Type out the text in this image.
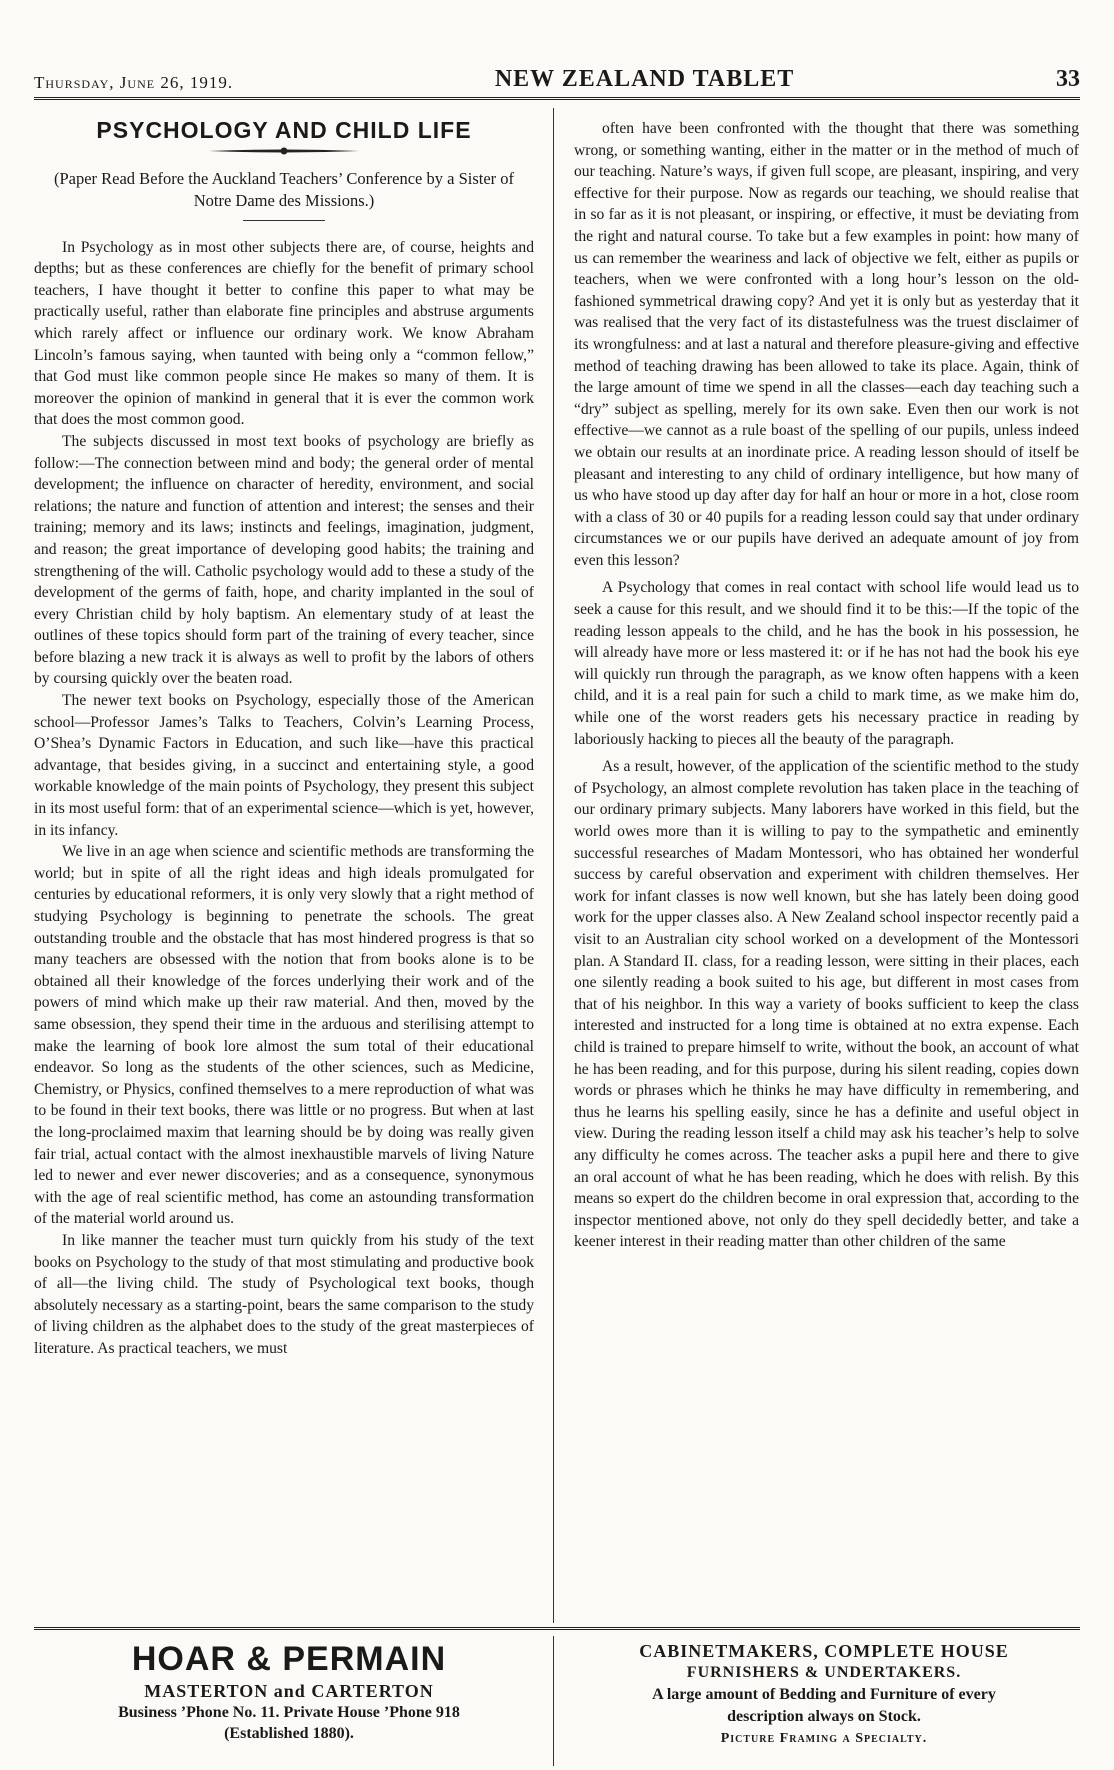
Thursday, June 26, 1919.	NEW ZEALAND TABLET	33
PSYCHOLOGY AND CHILD LIFE

(Paper Read Before the Auckland Teachers’ Conference by a Sister of Notre Dame des Missions.)

In Psychology as in most other subjects there are, of course, heights and depths; but as these conferences are chiefly for the benefit of primary school teachers, I have thought it better to confine this paper to what may be practically useful, rather than elaborate fine principles and abstruse arguments which rarely affect or influence our ordinary work. We know Abraham Lincoln’s famous saying, when taunted with being only a “common fellow,” that God must like common people since He makes so many of them. It is moreover the opinion of mankind in general that it is ever the common work that does the most common good.

The subjects discussed in most text books of psychology are briefly as follow:—The connection between mind and body; the general order of mental development; the influence on character of heredity, environment, and social relations; the nature and function of attention and interest; the senses and their training; memory and its laws; instincts and feelings, imagination, judgment, and reason; the great importance of developing good habits; the training and strengthening of the will. Catholic psychology would add to these a study of the development of the germs of faith, hope, and charity implanted in the soul of every Christian child by holy baptism. An elementary study of at least the outlines of these topics should form part of the training of every teacher, since before blazing a new track it is always as well to profit by the labors of others by coursing quickly over the beaten road.

The newer text books on Psychology, especially those of the American school—Professor James’s Talks to Teachers, Colvin’s Learning Process, O’Shea’s Dynamic Factors in Education, and such like—have this practical advantage, that besides giving, in a succinct and entertaining style, a good workable knowledge of the main points of Psychology, they present this subject in its most useful form: that of an experimental science—which is yet, however, in its infancy.

We live in an age when science and scientific methods are transforming the world; but in spite of all the right ideas and high ideals promulgated for centuries by educational reformers, it is only very slowly that a right method of studying Psychology is beginning to penetrate the schools. The great outstanding trouble and the obstacle that has most hindered progress is that so many teachers are obsessed with the notion that from books alone is to be obtained all their knowledge of the forces underlying their work and of the powers of mind which make up their raw material. And then, moved by the same obsession, they spend their time in the arduous and sterilising attempt to make the learning of book lore almost the sum total of their educational endeavor. So long as the students of the other sciences, such as Medicine, Chemistry, or Physics, confined themselves to a mere reproduction of what was to be found in their text books, there was little or no progress. But when at last the long-proclaimed maxim that learning should be by doing was really given fair trial, actual contact with the almost inexhaustible marvels of living Nature led to newer and ever newer discoveries; and as a consequence, synonymous with the age of real scientific method, has come an astounding transformation of the material world around us.

In like manner the teacher must turn quickly from his study of the text books on Psychology to the study of that most stimulating and productive book of all—the living child. The study of Psychological text books, though absolutely necessary as a starting-point, bears the same comparison to the study of living children as the alphabet does to the study of the great masterpieces of literature. As practical teachers, we must

often have been confronted with the thought that there was something wrong, or something wanting, either in the matter or in the method of much of our teaching. Nature’s ways, if given full scope, are pleasant, inspiring, and very effective for their purpose. Now as regards our teaching, we should realise that in so far as it is not pleasant, or inspiring, or effective, it must be deviating from the right and natural course. To take but a few examples in point: how many of us can remember the weariness and lack of objective we felt, either as pupils or teachers, when we were confronted with a long hour’s lesson on the old-fashioned symmetrical drawing copy? And yet it is only but as yesterday that it was realised that the very fact of its distastefulness was the truest disclaimer of its wrongfulness: and at last a natural and therefore pleasure-giving and effective method of teaching drawing has been allowed to take its place. Again, think of the large amount of time we spend in all the classes—each day teaching such a “dry” subject as spelling, merely for its own sake. Even then our work is not effective—we cannot as a rule boast of the spelling of our pupils, unless indeed we obtain our results at an inordinate price. A reading lesson should of itself be pleasant and interesting to any child of ordinary intelligence, but how many of us who have stood up day after day for half an hour or more in a hot, close room with a class of 30 or 40 pupils for a reading lesson could say that under ordinary circumstances we or our pupils have derived an adequate amount of joy from even this lesson?

A Psychology that comes in real contact with school life would lead us to seek a cause for this result, and we should find it to be this:—If the topic of the reading lesson appeals to the child, and he has the book in his possession, he will already have more or less mastered it: or if he has not had the book his eye will quickly run through the paragraph, as we know often happens with a keen child, and it is a real pain for such a child to mark time, as we make him do, while one of the worst readers gets his necessary practice in reading by laboriously hacking to pieces all the beauty of the paragraph.

As a result, however, of the application of the scientific method to the study of Psychology, an almost complete revolution has taken place in the teaching of our ordinary primary subjects. Many laborers have worked in this field, but the world owes more than it is willing to pay to the sympathetic and eminently successful researches of Madam Montessori, who has obtained her wonderful success by careful observation and experiment with children themselves. Her work for infant classes is now well known, but she has lately been doing good work for the upper classes also. A New Zealand school inspector recently paid a visit to an Australian city school worked on a development of the Montessori plan. A Standard II. class, for a reading lesson, were sitting in their places, each one silently reading a book suited to his age, but different in most cases from that of his neighbor. In this way a variety of books sufficient to keep the class interested and instructed for a long time is obtained at no extra expense. Each child is trained to prepare himself to write, without the book, an account of what he has been reading, and for this purpose, during his silent reading, copies down words or phrases which he thinks he may have difficulty in remembering, and thus he learns his spelling easily, since he has a definite and useful object in view. During the reading lesson itself a child may ask his teacher’s help to solve any difficulty he comes across. The teacher asks a pupil here and there to give an oral account of what he has been reading, which he does with relish. By this means so expert do the children become in oral expression that, according to the inspector mentioned above, not only do they spell decidedly better, and take a keener interest in their reading matter than other children of the same

HOAR & PERMAIN
MASTERTON and CARTERTON
Business ’Phone No. 11. Private House ’Phone 918
(Established 1880).
CABINETMAKERS, COMPLETE HOUSE
FURNISHERS & UNDERTAKERS.
A large amount of Bedding and Furniture of every
description always on Stock.
Picture Framing a Specialty.
